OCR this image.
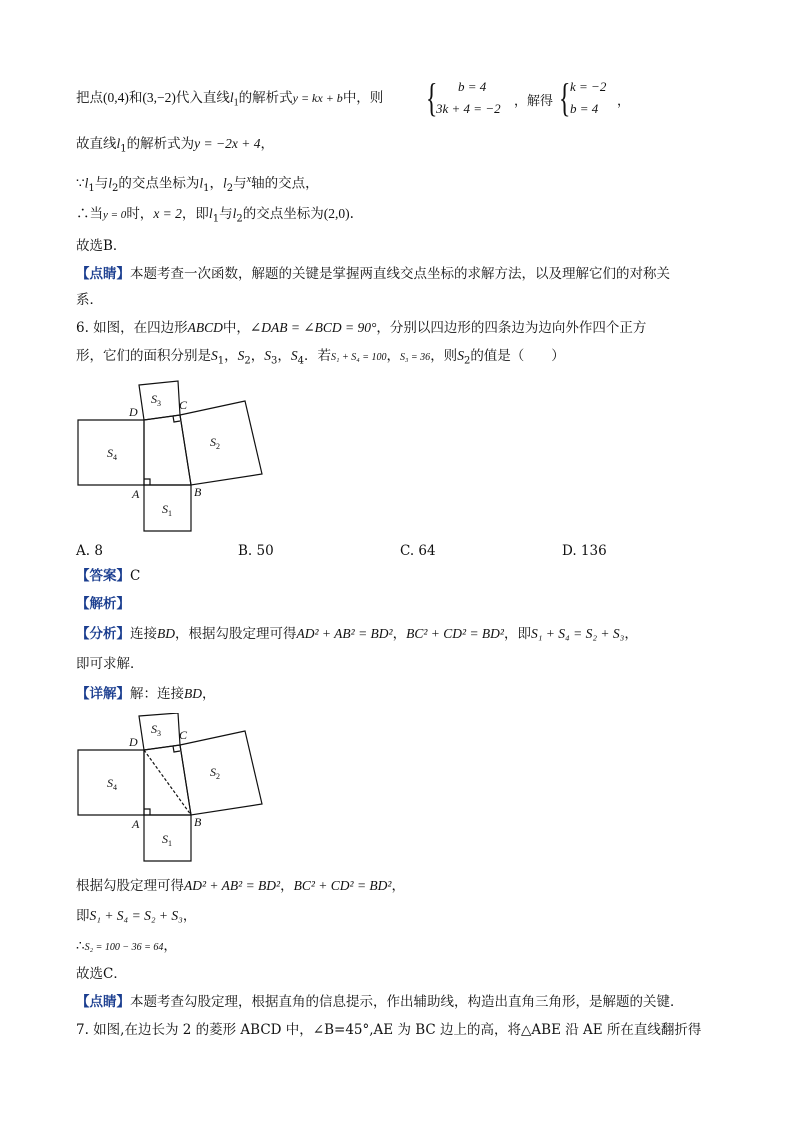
把点(0,4)和(3,−2)代入直线$l_1$的解析式y = kx + b中，则 { b = 4
3k + 4 = −2 ，解得 { k = −2
b = 4 ，
故直线$l_1$的解析式为y = −2x + 4，
$\because l_1$与$l_2$的交点坐标为$l_1$，$l_2$与$^x$轴的交点，
∴当y = 0时，x = 2，即$l_1$与$l_2$的交点坐标为(2,0).
故选B．
【点睛】本题考查一次函数，解题的关键是掌握两直线交点坐标的求解方法，以及理解它们的对称关
系．
6. 如图，在四边形ABCD中，∠DAB = ∠BCD = 90°，分别以四边形的四条边为边向外作四个正方
形，它们的面积分别是$S_1$，$S_2$，$S_3$，$S_4$．若S₁ + S₄ = 100，S₃ = 36，则$S_2$的值是（　　）
D	C
A	B
$S_4$
$S_1$
$S_3$
$S_2$
A. 8	B. 50	C. 64	D. 136
【答案】C
【解析】
【分析】连接BD，根据勾股定理可得AD² + AB² = BD²，BC² + CD² = BD²，即S₁ + S₄ = S₂ + S₃，
即可求解．
【详解】解：连接BD，
D	C
A	B
$S_4$
$S_1$
$S_3$
$S_2$
根据勾股定理可得AD² + AB² = BD²，BC² + CD² = BD²，
即S₁ + S₄ = S₂ + S₃，
∴S₂ = 100 − 36 = 64，
故选C．
【点睛】本题考查勾股定理，根据直角的信息提示，作出辅助线，构造出直角三角形，是解题的关键．
7. 如图,在边长为 2 的菱形 ABCD 中，∠B=45°,AE 为 BC 边上的高，将△ABE 沿 AE 所在直线翻折得
